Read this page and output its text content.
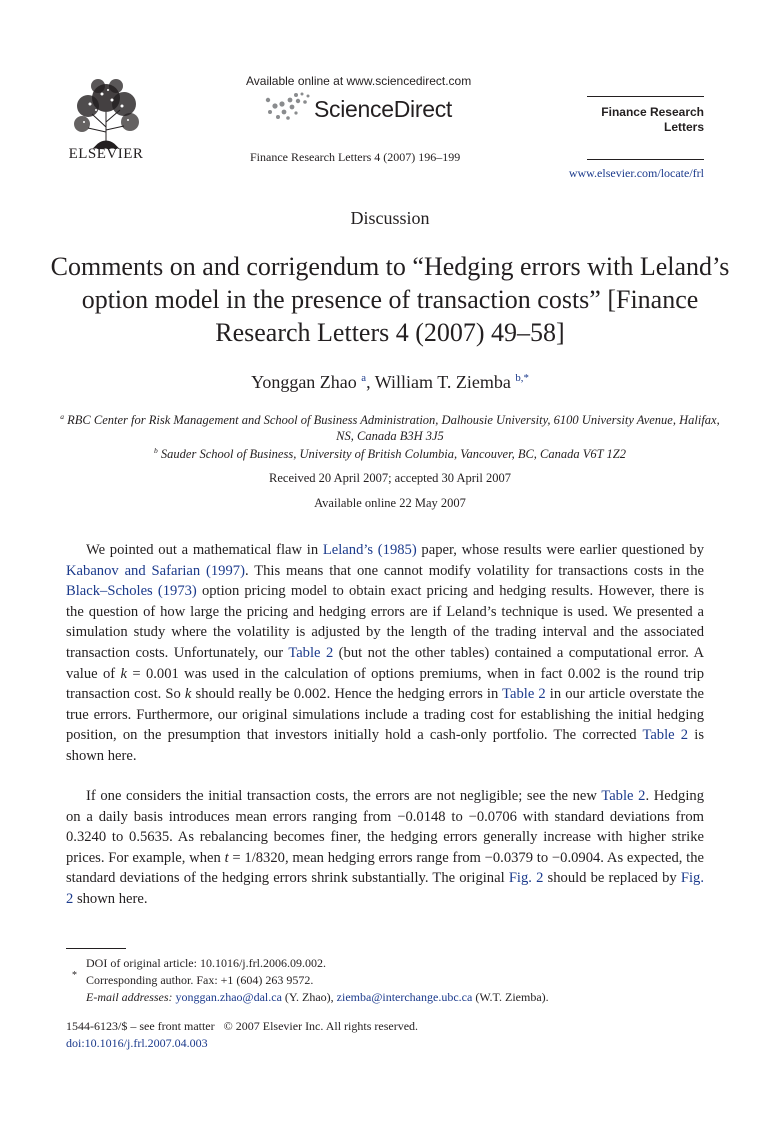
ELSEVIER
Available online at www.sciencedirect.com
ScienceDirect
Finance Research Letters 4 (2007) 196–199
Finance Research
Letters
www.elsevier.com/locate/frl
Discussion
Comments on and corrigendum to “Hedging errors with Leland’s option model in the presence of transaction costs” [Finance Research Letters 4 (2007) 49–58]
Yonggan Zhao $^a$, William T. Ziemba $^{b,*}$
$^a$ RBC Center for Risk Management and School of Business Administration, Dalhousie University, 6100 University Avenue, Halifax, NS, Canada B3H 3J5
$^b$ Sauder School of Business, University of British Columbia, Vancouver, BC, Canada V6T 1Z2
Received 20 April 2007; accepted 30 April 2007
Available online 22 May 2007

We pointed out a mathematical flaw in Leland’s (1985) paper, whose results were earlier questioned by Kabanov and Safarian (1997). This means that one cannot modify volatility for transactions costs in the Black–Scholes (1973) option pricing model to obtain exact pricing and hedging results. However, there is the question of how large the pricing and hedging errors are if Leland’s technique is used. We presented a simulation study where the volatility is adjusted by the length of the trading interval and the associated transaction costs. Unfortunately, our Table 2 (but not the other tables) contained a computational error. A value of k = 0.001 was used in the calculation of options premiums, when in fact 0.002 is the round trip transaction cost. So k should really be 0.002. Hence the hedging errors in Table 2 in our article overstate the true errors. Furthermore, our original simulations include a trading cost for establishing the initial hedging position, on the presumption that investors initially hold a cash-only portfolio. The corrected Table 2 is shown here.

If one considers the initial transaction costs, the errors are not negligible; see the new Table 2. Hedging on a daily basis introduces mean errors ranging from −0.0148 to −0.0706 with standard deviations from 0.3240 to 0.5635. As rebalancing becomes finer, the hedging errors generally increase with higher strike prices. For example, when t = 1/8320, mean hedging errors range from −0.0379 to −0.0904. As expected, the standard deviations of the hedging errors shrink substantially. The original Fig. 2 should be replaced by Fig. 2 shown here.

DOI of original article: 10.1016/j.frl.2006.09.002.
* Corresponding author. Fax: +1 (604) 263 9572.
E-mail addresses: yonggan.zhao@dal.ca (Y. Zhao), ziemba@interchange.ubc.ca (W.T. Ziemba).
1544-6123/$ – see front matter   © 2007 Elsevier Inc. All rights reserved.
doi:10.1016/j.frl.2007.04.003
